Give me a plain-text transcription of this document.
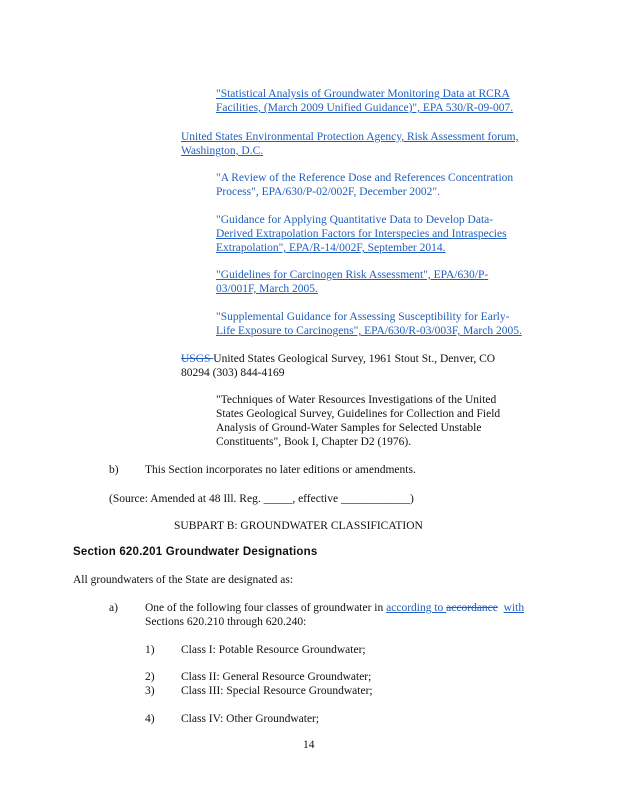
"Statistical Analysis of Groundwater Monitoring Data at RCRA
Facilities, (March 2009 Unified Guidance)", EPA 530/R-09-007.
United States Environmental Protection Agency, Risk Assessment forum,
Washington, D.C.
"A Review of the Reference Dose and References Concentration
Process", EPA/630/P-02/002F, December 2002".
"Guidance for Applying Quantitative Data to Develop Data-
Derived Extrapolation Factors for Interspecies and Intraspecies
Extrapolation", EPA/R-14/002F, September 2014.
"Guidelines for Carcinogen Risk Assessment", EPA/630/P-
03/001F, March 2005.
"Supplemental Guidance for Assessing Susceptibility for Early-
Life Exposure to Carcinogens", EPA/630/R-03/003F, March 2005.
USGS United States Geological Survey, 1961 Stout St., Denver, CO
80294 (303) 844-4169
"Techniques of Water Resources Investigations of the United
States Geological Survey, Guidelines for Collection and Field
Analysis of Ground-Water Samples for Selected Unstable
Constituents", Book I, Chapter D2 (1976).
b) This Section incorporates no later editions or amendments.
(Source: Amended at 48 Ill. Reg. _____, effective ____________)
SUBPART B: GROUNDWATER CLASSIFICATION
Section 620.201 Groundwater Designations
All groundwaters of the State are designated as:
a) One of the following four classes of groundwater in according to accordance with
Sections 620.210 through 620.240:
1) Class I: Potable Resource Groundwater;
2) Class II: General Resource Groundwater;
3) Class III: Special Resource Groundwater;
4) Class IV: Other Groundwater;
14
